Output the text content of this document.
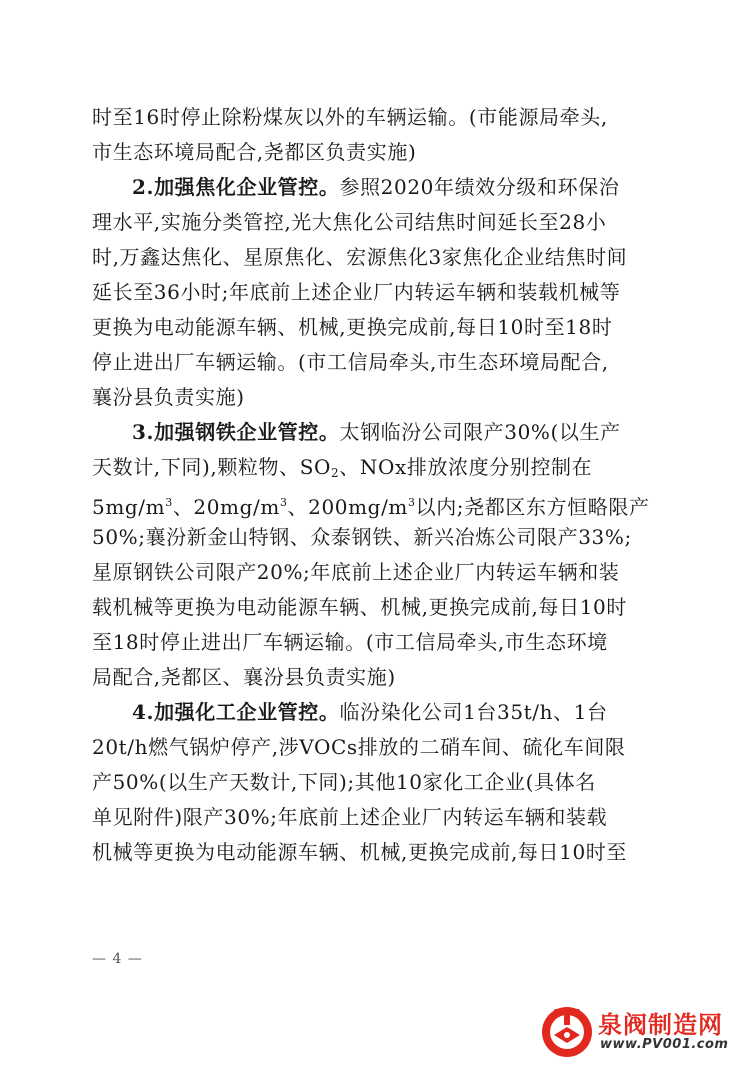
时至16时停止除粉煤灰以外的车辆运输。(市能源局牵头,
市生态环境局配合,尧都区负责实施)
2.加强焦化企业管控。参照2020年绩效分级和环保治
理水平,实施分类管控,光大焦化公司结焦时间延长至28小
时,万鑫达焦化、星原焦化、宏源焦化3家焦化企业结焦时间
延长至36小时;年底前上述企业厂内转运车辆和装载机械等
更换为电动能源车辆、机械,更换完成前,每日10时至18时
停止进出厂车辆运输。(市工信局牵头,市生态环境局配合,
襄汾县负责实施)
3.加强钢铁企业管控。太钢临汾公司限产30%(以生产
天数计,下同),颗粒物、$SO_2$、NOx排放浓度分别控制在
$5mg/m^3$、$20mg/m^3$、$200mg/m^3$以内;尧都区东方恒略限产
50%;襄汾新金山特钢、众泰钢铁、新兴冶炼公司限产33%;
星原钢铁公司限产20%;年底前上述企业厂内转运车辆和装
载机械等更换为电动能源车辆、机械,更换完成前,每日10时
至18时停止进出厂车辆运输。(市工信局牵头,市生态环境
局配合,尧都区、襄汾县负责实施)
4.加强化工企业管控。临汾染化公司1台35t/h、1台
20t/h燃气锅炉停产,涉VOCs排放的二硝车间、硫化车间限
产50%(以生产天数计,下同);其他10家化工企业(具体名
单见附件)限产30%;年底前上述企业厂内转运车辆和装载
机械等更换为电动能源车辆、机械,更换完成前,每日10时至
— 4 —
泉阀制造网
www.PV001.com
